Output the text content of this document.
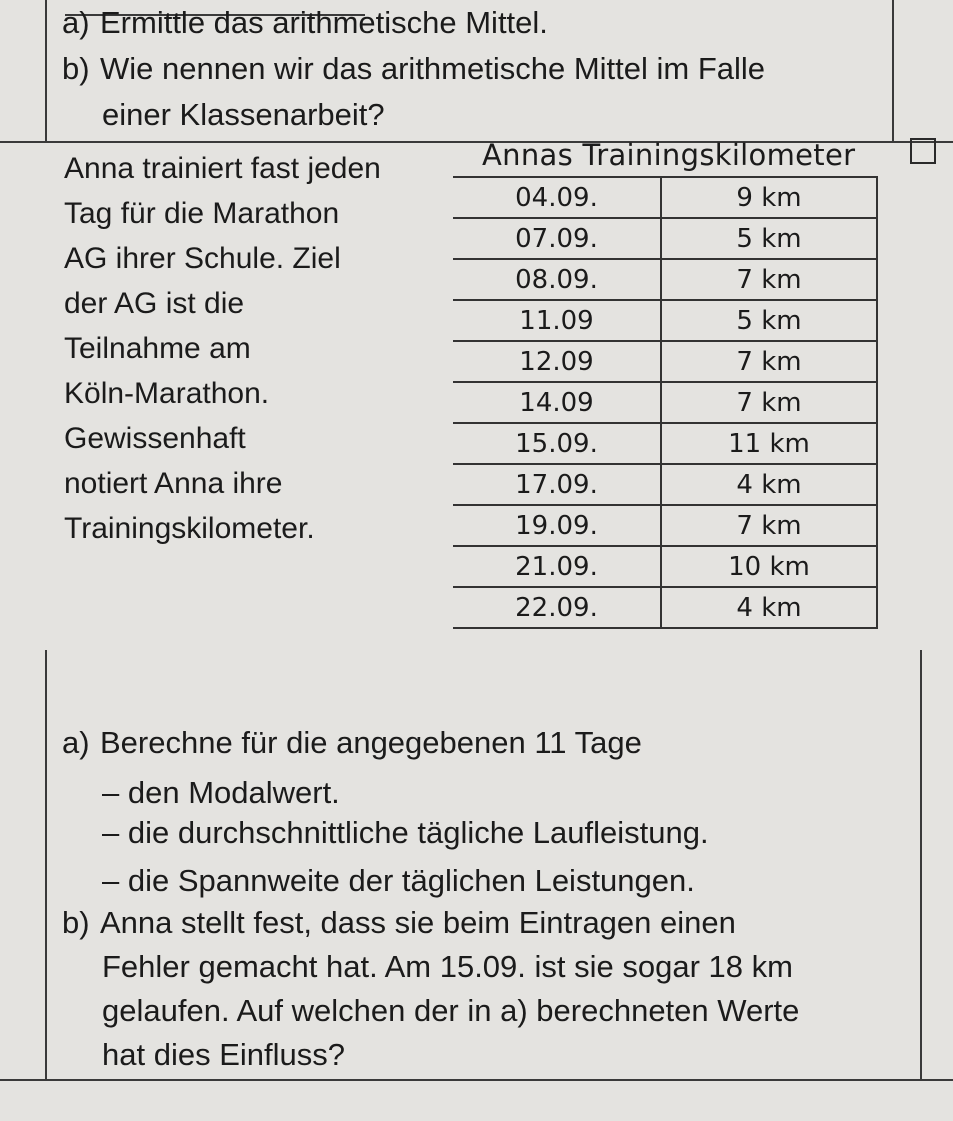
a) Ermittle das arithmetische Mittel.
b) Wie nennen wir das arithmetische Mittel im Falle
einer Klassenarbeit?
Anna trainiert fast jeden
Tag für die Marathon
AG ihrer Schule. Ziel
der AG ist die
Teilnahme am
Köln-Marathon.
Gewissenhaft
notiert Anna ihre
Trainingskilometer.
Annas Trainingskilometer
04.09.	9 km
07.09.	5 km
08.09.	7 km
11.09	5 km
12.09	7 km
14.09	7 km
15.09.	11 km
17.09.	4 km
19.09.	7 km
21.09.	10 km
22.09.	4 km
a) Berechne für die angegebenen 11 Tage
– den Modalwert.
– die durchschnittliche tägliche Laufleistung.
– die Spannweite der täglichen Leistungen.
b) Anna stellt fest, dass sie beim Eintragen einen
Fehler gemacht hat. Am 15.09. ist sie sogar 18 km
gelaufen. Auf welchen der in a) berechneten Werte
hat dies Einfluss?
